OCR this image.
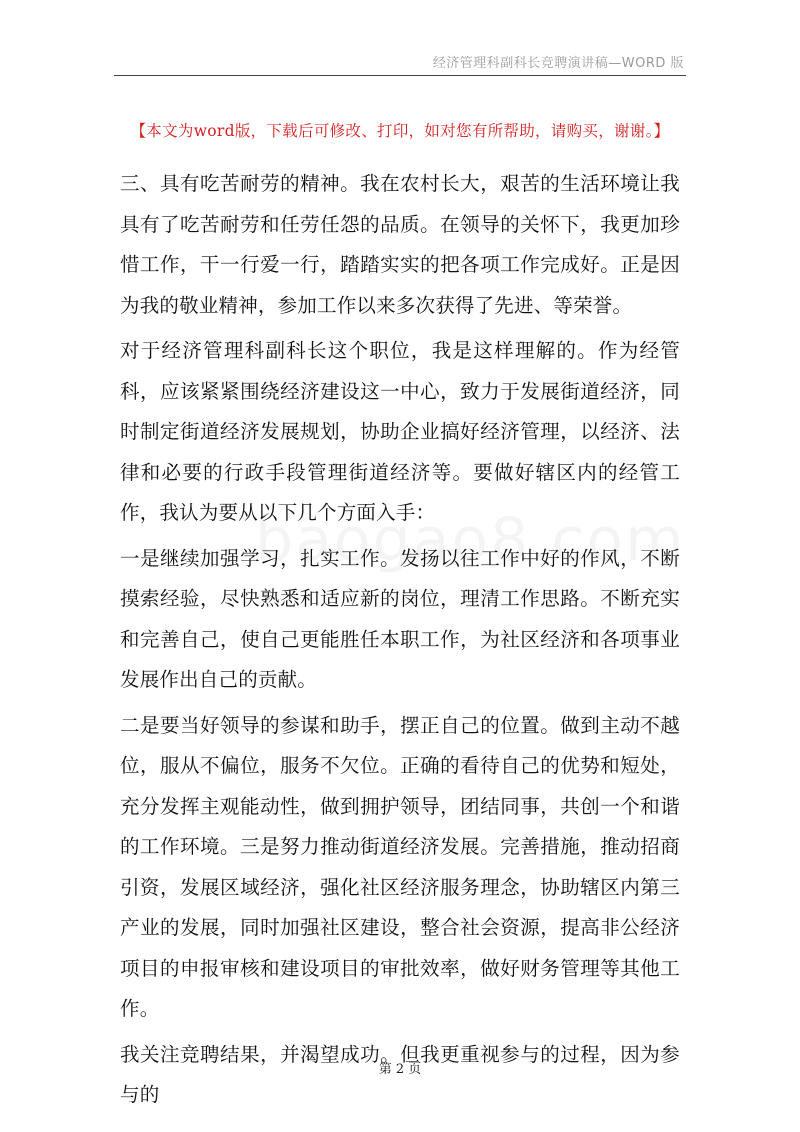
经济管理科副科长竞聘演讲稿—WORD 版
【本文为word版，下载后可修改、打印，如对您有所帮助，请购买，谢谢。】

三、具有吃苦耐劳的精神。我在农村长大，艰苦的生活环境让我具有了吃苦耐劳和任劳任怨的品质。在领导的关怀下，我更加珍惜工作，干一行爱一行，踏踏实实的把各项工作完成好。正是因为我的敬业精神，参加工作以来多次获得了先进、等荣誉。

对于经济管理科副科长这个职位，我是这样理解的。作为经管科，应该紧紧围绕经济建设这一中心，致力于发展街道经济，同时制定街道经济发展规划，协助企业搞好经济管理，以经济、法律和必要的行政手段管理街道经济等。要做好辖区内的经管工作，我认为要从以下几个方面入手：

一是继续加强学习，扎实工作。发扬以往工作中好的作风，不断摸索经验，尽快熟悉和适应新的岗位，理清工作思路。不断充实和完善自己，使自己更能胜任本职工作，为社区经济和各项事业发展作出自己的贡献。

二是要当好领导的参谋和助手，摆正自己的位置。做到主动不越位，服从不偏位，服务不欠位。正确的看待自己的优势和短处，充分发挥主观能动性，做到拥护领导，团结同事，共创一个和谐的工作环境。三是努力推动街道经济发展。完善措施，推动招商引资，发展区域经济，强化社区经济服务理念，协助辖区内第三产业的发展，同时加强社区建设，整合社会资源，提高非公经济项目的申报审核和建设项目的审批效率，做好财务管理等其他工作。

我关注竞聘结果，并渴望成功。但我更重视参与的过程，因为参与的

第 2 页
